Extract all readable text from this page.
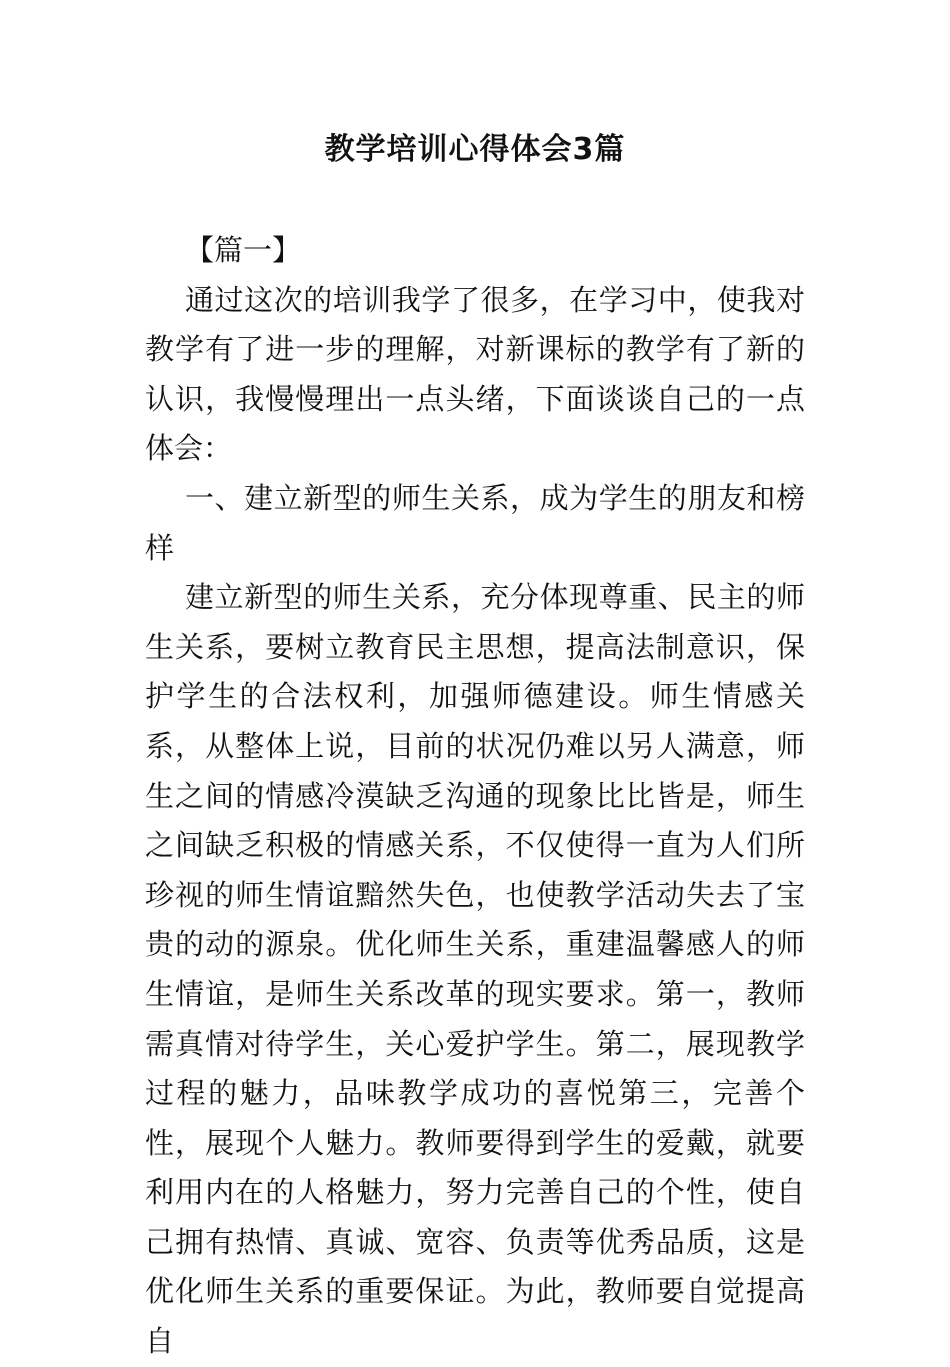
教学培训心得体会3篇

【篇一】

通过这次的培训我学了很多，在学习中，使我对教学有了进一步的理解，对新课标的教学有了新的认识，我慢慢理出一点头绪，下面谈谈自己的一点体会：

一、建立新型的师生关系，成为学生的朋友和榜样

建立新型的师生关系，充分体现尊重、民主的师生关系，要树立教育民主思想，提高法制意识，保护学生的合法权利，加强师德建设。师生情感关系，从整体上说，目前的状况仍难以另人满意，师生之间的情感冷漠缺乏沟通的现象比比皆是，师生之间缺乏积极的情感关系，不仅使得一直为人们所珍视的师生情谊黯然失色，也使教学活动失去了宝贵的动的源泉。优化师生关系，重建温馨感人的师生情谊，是师生关系改革的现实要求。第一，教师需真情对待学生，关心爱护学生。第二，展现教学过程的魅力，品味教学成功的喜悦第三，完善个性，展现个人魅力。教师要得到学生的爱戴，就要利用内在的人格魅力，努力完善自己的个性，使自己拥有热情、真诚、宽容、负责等优秀品质，这是优化师生关系的重要保证。为此，教师要自觉提高自
